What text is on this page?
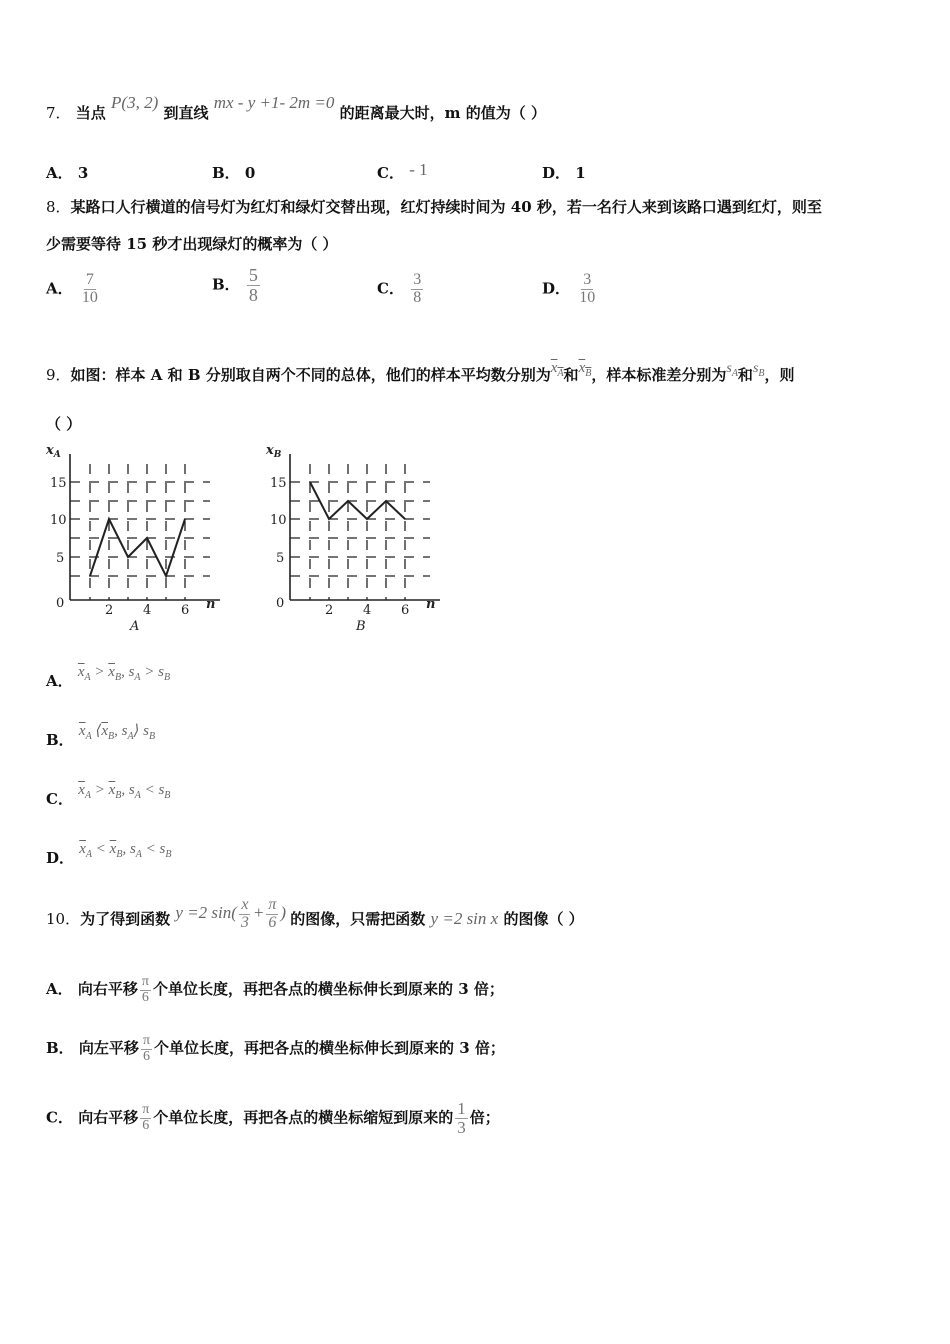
7． 当点 P(3, 2) 到直线 mx - y +1- 2m =0 的距离最大时，m 的值为（ ）
A． 3	B． 0	C． - 1	D． 1
8．某路口人行横道的信号灯为红灯和绿灯交替出现，红灯持续时间为 40 秒，若一名行人来到该路口遇到红灯，则至
少需要等待 15 秒才出现绿灯的概率为（ ）
A． $\frac{7}{10}$	B． $\frac{5}{8}$	C． $\frac{3}{8}$	D． $\frac{3}{10}$
9．如图：样本 A 和 B 分别取自两个不同的总体，他们的样本平均数分别为$x_A$和$x_B$，样本标准差分别为$s_A$和$s_B$，则
（ ）
$x_A$
15
10
5
0	2 4 6 n
A
$x_B$
15
10
5
0	2 4 6 n
B
A． $\overline{x}_A > \overline{x}_B$, $s_A > s_B$
B． $\overline{x}_A$ $⟨\overline{x}_B$, $s_A⟩$ $s_B$
C． $\overline{x}_A > \overline{x}_B$, $s_A < s_B$
D． $\overline{x}_A < \overline{x}_B$, $s_A < s_B$
10．为了得到函数 y =2 $\sin( \frac{x}{3} + \frac{\pi}{6}$ ) 的图像，只需把函数 y =2 sin x 的图像（ ）
A． 向右平移 $\frac{\pi}{6}$ 个单位长度，再把各点的横坐标伸长到原来的 3 倍；
B． 向左平移 $\frac{\pi}{6}$ 个单位长度，再把各点的横坐标伸长到原来的 3 倍；
C． 向右平移 $\frac{\pi}{6}$ 个单位长度，再把各点的横坐标缩短到原来的 $\frac{1}{3}$ 倍；
